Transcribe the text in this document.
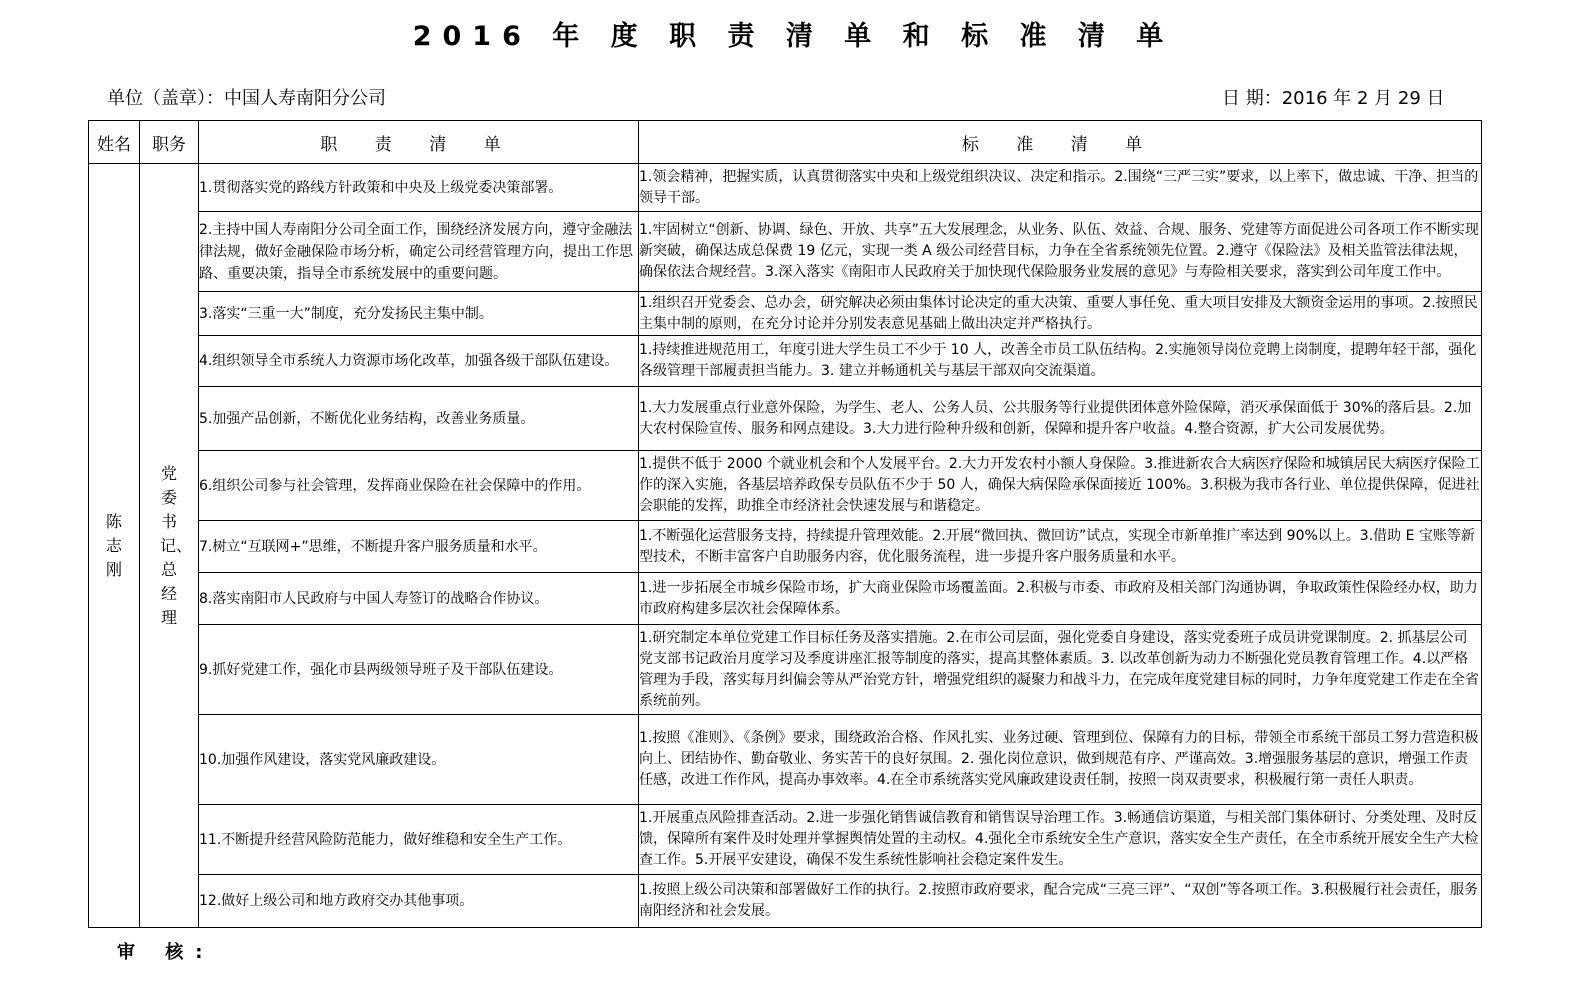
2016 年 度 职 责 清 单 和 标 准 清 单
单位（盖章）：中国人寿南阳分公司	日 期：2016 年 2 月 29 日
姓名	职务	职 责 清 单	标 准 清 单
陈志刚	党委书记、总经理	1.贯彻落实党的路线方针政策和中央及上级党委决策部署。	1.领会精神，把握实质，认真贯彻落实中央和上级党组织决议、决定和指示。2.围绕“三严三实”要求，以上率下，做忠诚、干净、担当的领导干部。
		2.主持中国人寿南阳分公司全面工作，围绕经济发展方向，遵守金融法律法规，做好金融保险市场分析，确定公司经营管理方向，提出工作思路、重要决策，指导全市系统发展中的重要问题。	1.牢固树立“创新、协调、绿色、开放、共享”五大发展理念，从业务、队伍、效益、合规、服务、党建等方面促进公司各项工作不断实现新突破，确保达成总保费 19 亿元，实现一类 A 级公司经营目标，力争在全省系统领先位置。2.遵守《保险法》及相关监管法律法规，确保依法合规经营。3.深入落实《南阳市人民政府关于加快现代保险服务业发展的意见》与寿险相关要求，落实到公司年度工作中。
		3.落实“三重一大”制度，充分发扬民主集中制。	1.组织召开党委会、总办会，研究解决必须由集体讨论决定的重大决策、重要人事任免、重大项目安排及大额资金运用的事项。2.按照民主集中制的原则，在充分讨论并分别发表意见基础上做出决定并严格执行。
		4.组织领导全市系统人力资源市场化改革，加强各级干部队伍建设。	1.持续推进规范用工，年度引进大学生员工不少于 10 人，改善全市员工队伍结构。2.实施领导岗位竞聘上岗制度，提聘年轻干部，强化各级管理干部履责担当能力。3. 建立并畅通机关与基层干部双向交流渠道。
		5.加强产品创新，不断优化业务结构，改善业务质量。	1.大力发展重点行业意外保险，为学生、老人、公务人员、公共服务等行业提供团体意外险保障，消灭承保面低于 30%的落后县。2.加大农村保险宣传、服务和网点建设。3.大力进行险种升级和创新，保障和提升客户收益。4.整合资源，扩大公司发展优势。
		6.组织公司参与社会管理，发挥商业保险在社会保障中的作用。	1.提供不低于 2000 个就业机会和个人发展平台。2.大力开发农村小额人身保险。3.推进新农合大病医疗保险和城镇居民大病医疗保险工作的深入实施，各基层培养政保专员队伍不少于 50 人，确保大病保险承保面接近 100%。3.积极为我市各行业、单位提供保障，促进社会职能的发挥，助推全市经济社会快速发展与和谐稳定。
		7.树立“互联网+”思维，不断提升客户服务质量和水平。	1.不断强化运营服务支持，持续提升管理效能。2.开展“微回执、微回访”试点，实现全市新单推广率达到 90%以上。3.借助 E 宝账等新型技术，不断丰富客户自助服务内容，优化服务流程，进一步提升客户服务质量和水平。
		8.落实南阳市人民政府与中国人寿签订的战略合作协议。	1.进一步拓展全市城乡保险市场，扩大商业保险市场覆盖面。2.积极与市委、市政府及相关部门沟通协调，争取政策性保险经办权，助力市政府构建多层次社会保障体系。
		9.抓好党建工作，强化市县两级领导班子及干部队伍建设。	1.研究制定本单位党建工作目标任务及落实措施。2.在市公司层面，强化党委自身建设，落实党委班子成员讲党课制度。2. 抓基层公司党支部书记政治月度学习及季度讲座汇报等制度的落实，提高其整体素质。3. 以改革创新为动力不断强化党员教育管理工作。4.以严格管理为手段，落实每月纠偏会等从严治党方针，增强党组织的凝聚力和战斗力，在完成年度党建目标的同时，力争年度党建工作走在全省系统前列。
		10.加强作风建设，落实党风廉政建设。	1.按照《准则》、《条例》要求，围绕政治合格、作风扎实、业务过硬、管理到位、保障有力的目标，带领全市系统干部员工努力营造积极向上、团结协作、勤奋敬业、务实苦干的良好氛围。2. 强化岗位意识，做到规范有序、严谨高效。3.增强服务基层的意识，增强工作责任感，改进工作作风，提高办事效率。4.在全市系统落实党风廉政建设责任制，按照一岗双责要求，积极履行第一责任人职责。
		11.不断提升经营风险防范能力，做好维稳和安全生产工作。	1.开展重点风险排查活动。2.进一步强化销售诚信教育和销售误导治理工作。3.畅通信访渠道，与相关部门集体研讨、分类处理、及时反馈，保障所有案件及时处理并掌握舆情处置的主动权。4.强化全市系统安全生产意识，落实安全生产责任，在全市系统开展安全生产大检查工作。5.开展平安建设，确保不发生系统性影响社会稳定案件发生。
		12.做好上级公司和地方政府交办其他事项。	1.按照上级公司决策和部署做好工作的执行。2.按照市政府要求，配合完成“三亮三评”、“双创”等各项工作。3.积极履行社会责任，服务南阳经济和社会发展。
审 核:
